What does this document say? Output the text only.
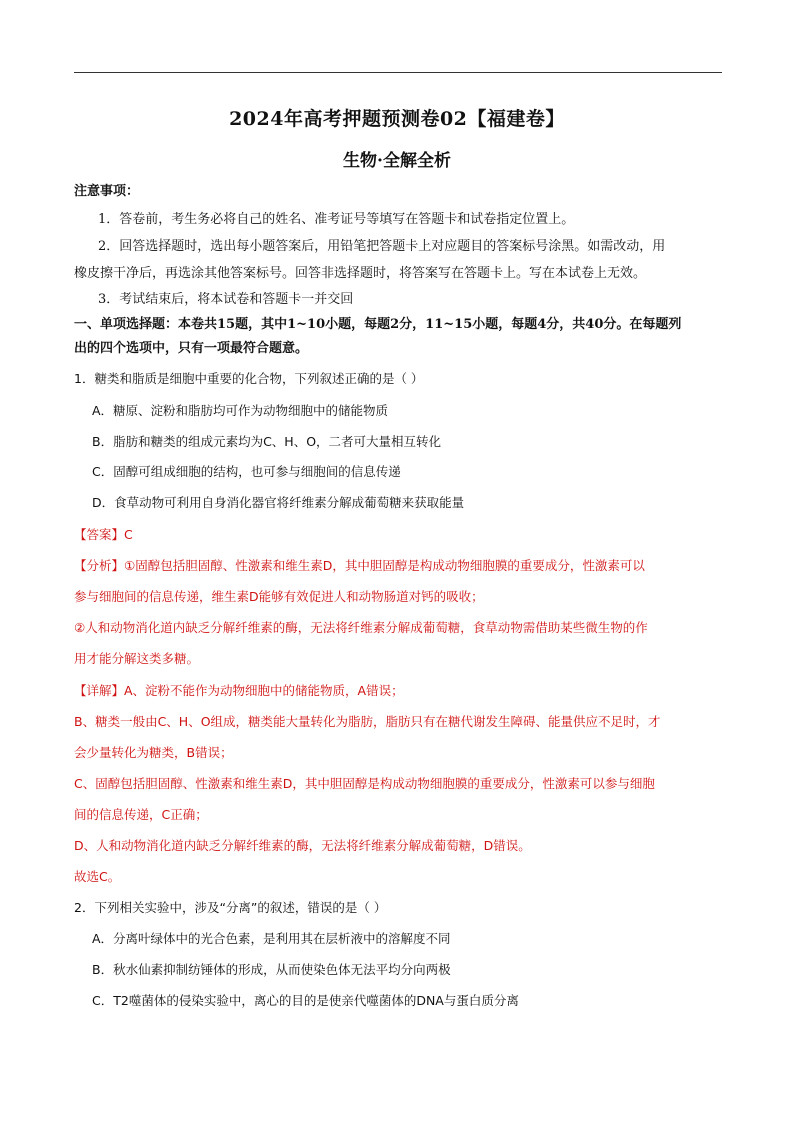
2024年高考押题预测卷02【福建卷】
生物·全解全析
注意事项：
1．答卷前，考生务必将自己的姓名、准考证号等填写在答题卡和试卷指定位置上。
2．回答选择题时，选出每小题答案后，用铅笔把答题卡上对应题目的答案标号涂黑。如需改动，用
橡皮擦干净后，再选涂其他答案标号。回答非选择题时，将答案写在答题卡上。写在本试卷上无效。
3．考试结束后，将本试卷和答题卡一并交回
一、单项选择题：本卷共15题，其中1~10小题，每题2分，11~15小题，每题4分，共40分。在每题列
出的四个选项中，只有一项最符合题意。
1．糖类和脂质是细胞中重要的化合物，下列叙述正确的是（ ）
A．糖原、淀粉和脂肪均可作为动物细胞中的储能物质
B．脂肪和糖类的组成元素均为C、H、O，二者可大量相互转化
C．固醇可组成细胞的结构，也可参与细胞间的信息传递
D．食草动物可利用自身消化器官将纤维素分解成葡萄糖来获取能量
【答案】C
【分析】①固醇包括胆固醇、性激素和维生素D，其中胆固醇是构成动物细胞膜的重要成分，性激素可以
参与细胞间的信息传递，维生素D能够有效促进人和动物肠道对钙的吸收；
②人和动物消化道内缺乏分解纤维素的酶，无法将纤维素分解成葡萄糖，食草动物需借助某些微生物的作
用才能分解这类多糖。
【详解】A、淀粉不能作为动物细胞中的储能物质，A错误；
B、糖类一般由C、H、O组成，糖类能大量转化为脂肪，脂肪只有在糖代谢发生障碍、能量供应不足时，才
会少量转化为糖类，B错误；
C、固醇包括胆固醇、性激素和维生素D，其中胆固醇是构成动物细胞膜的重要成分，性激素可以参与细胞
间的信息传递，C正确；
D、人和动物消化道内缺乏分解纤维素的酶，无法将纤维素分解成葡萄糖，D错误。
故选C。
2．下列相关实验中，涉及“分离”的叙述，错误的是（ ）
A．分离叶绿体中的光合色素，是利用其在层析液中的溶解度不同
B．秋水仙素抑制纺锤体的形成，从而使染色体无法平均分向两极
C．T2噬菌体的侵染实验中，离心的目的是使亲代噬菌体的DNA与蛋白质分离
